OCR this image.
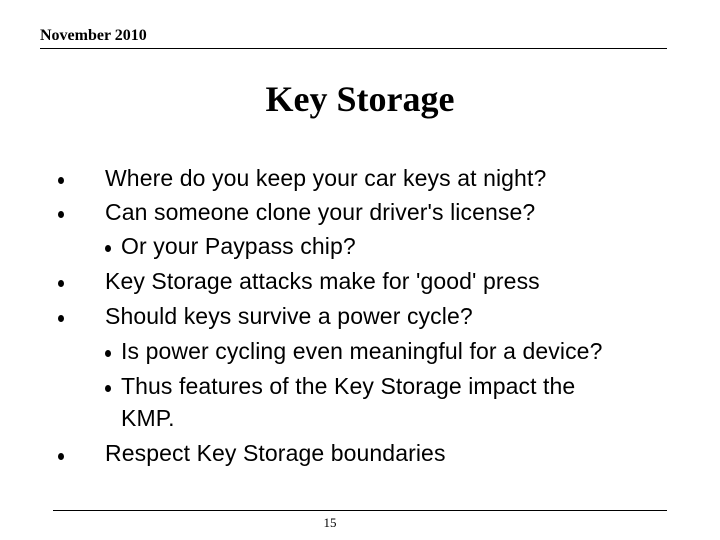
November 2010
Key Storage
Where do you keep your car keys at night?
Can someone clone your driver's license?
Or your Paypass chip?
Key Storage attacks make for 'good' press
Should keys survive a power cycle?
Is power cycling even meaningful for a device?
Thus features of the Key Storage impact the
KMP.
Respect Key Storage boundaries
15
